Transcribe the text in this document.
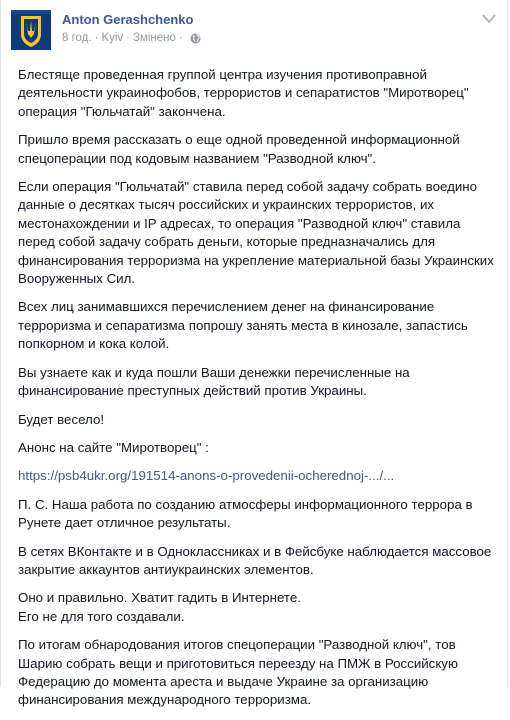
Anton Gerashchenko
8 год. · Kyiv · Змінено ·

Блестяще проведенная группой центра изучения противоправной деятельности украинофобов, террористов и сепаратистов "Миротворец" операция "Гюльчатай" закончена.

Пришло время рассказать о еще одной проведенной информационной спецоперации под кодовым названием "Разводной ключ".

Если операция "Гюльчатай" ставила перед собой задачу собрать воедино данные о десятках тысяч российских и украинских террористов, их местонахождении и IP адресах, то операция "Разводной ключ" ставила перед собой задачу собрать деньги, которые предназначались для финансирования терроризма на укрепление материальной базы Украинских Вооруженных Сил.

Всех лиц занимавшихся перечислением денег на финансирование терроризма и сепаратизма попрошу занять места в кинозале, запастись попкорном и кока колой.

Вы узнаете как и куда пошли Ваши денежки перечисленные на финансирование преступных действий против Украины.

Будет весело!

Анонс на сайте "Миротворец" :

https://psb4ukr.org/191514-anons-o-provedenii-ocherednoj-.../...

П. С. Наша работа по созданию атмосферы информационного террора в Рунете дает отличное результаты.

В сетях ВКонтакте и в Одноклассниках и в Фейсбуке наблюдается массовое закрытие аккаунтов антиукраинских элементов.

Оно и правильно. Хватит гадить в Интернете.
Его не для того создавали.

По итогам обнародования итогов спецоперации "Разводной ключ", тов Шарию собрать вещи и приготовиться переезду на ПМЖ в Российскую Федерацию до момента ареста и выдаче Украине за организацию финансирования международного терроризма.
